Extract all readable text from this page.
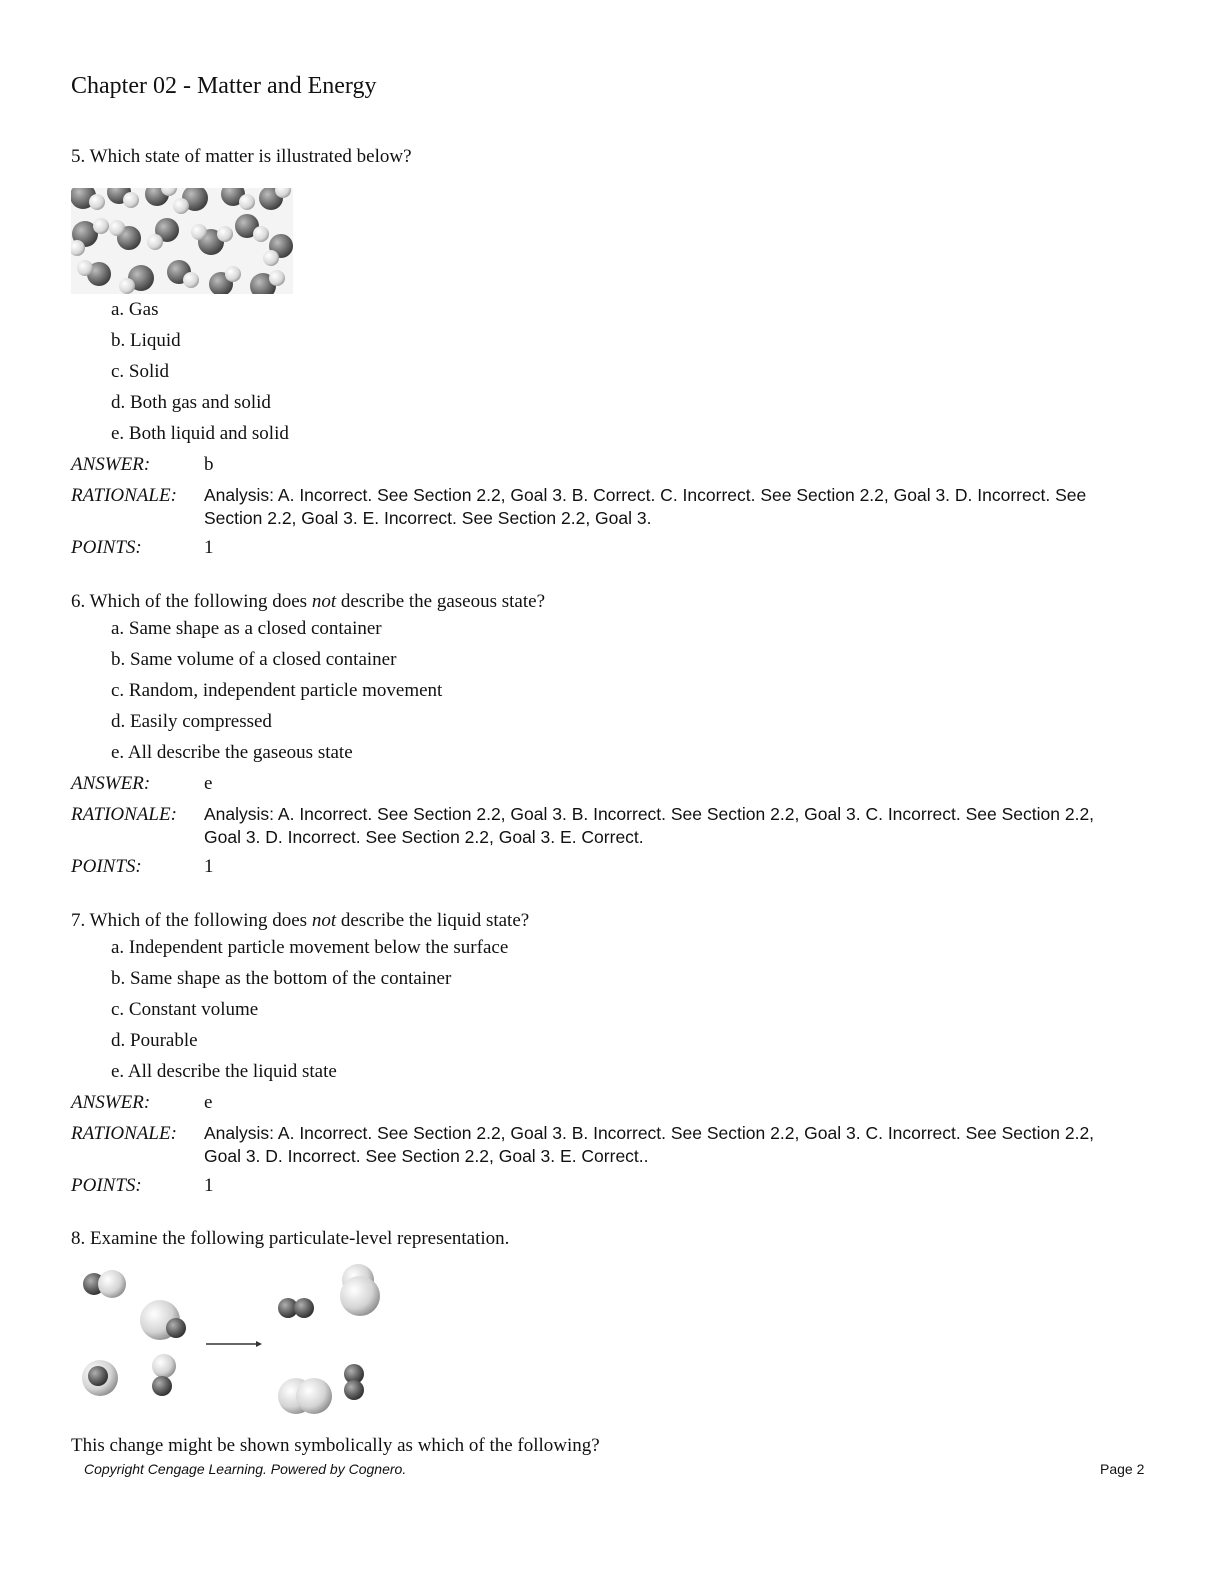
Chapter 02 - Matter and Energy
5. Which state of matter is illustrated below?
a. Gas
b. Liquid
c. Solid
d. Both gas and solid
e. Both liquid and solid
ANSWER:	b
RATIONALE: Analysis: A. Incorrect. See Section 2.2, Goal 3. B. Correct. C. Incorrect. See Section 2.2, Goal 3. D. Incorrect. See Section 2.2, Goal 3. E. Incorrect. See Section 2.2, Goal 3.
POINTS:	1
6. Which of the following does not describe the gaseous state?
a. Same shape as a closed container
b. Same volume of a closed container
c. Random, independent particle movement
d. Easily compressed
e. All describe the gaseous state
ANSWER:	e
RATIONALE: Analysis: A. Incorrect. See Section 2.2, Goal 3. B. Incorrect. See Section 2.2, Goal 3. C. Incorrect. See Section 2.2, Goal 3. D. Incorrect. See Section 2.2, Goal 3. E. Correct.
POINTS:	1
7. Which of the following does not describe the liquid state?
a. Independent particle movement below the surface
b. Same shape as the bottom of the container
c. Constant volume
d. Pourable
e. All describe the liquid state
ANSWER:	e
RATIONALE: Analysis: A. Incorrect. See Section 2.2, Goal 3. B. Incorrect. See Section 2.2, Goal 3. C. Incorrect. See Section 2.2, Goal 3. D. Incorrect. See Section 2.2, Goal 3. E. Correct..
POINTS:	1
8. Examine the following particulate-level representation.
This change might be shown symbolically as which of the following?
Copyright Cengage Learning. Powered by Cognero.	Page 2
